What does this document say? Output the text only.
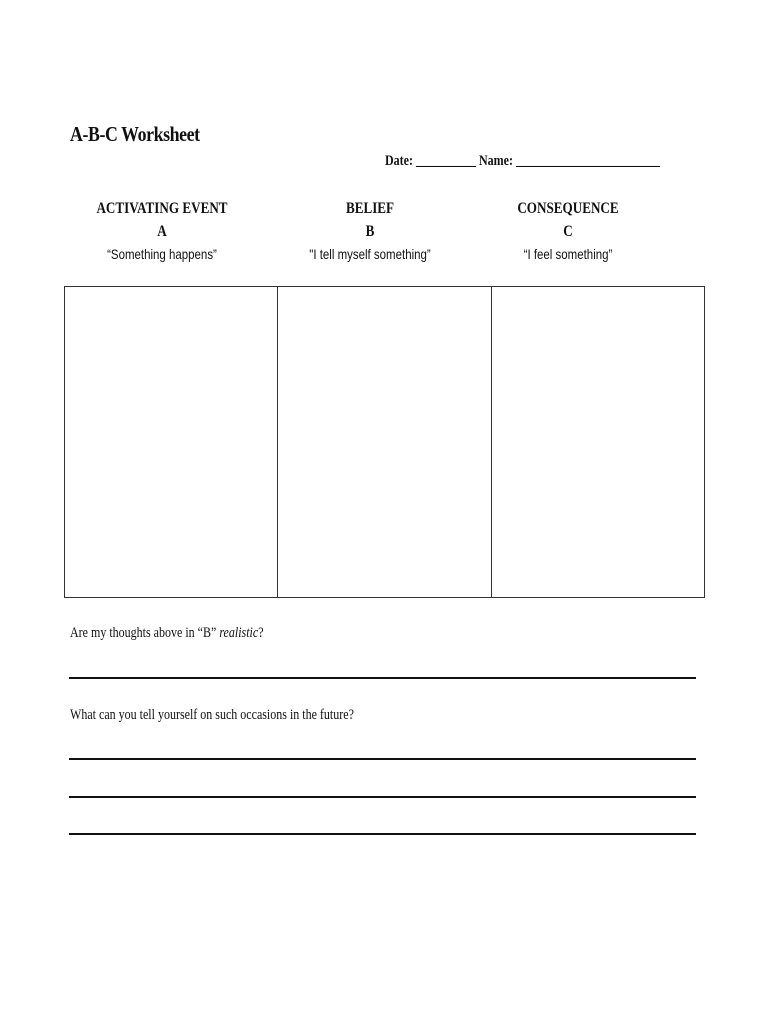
A-B-C Worksheet
Date: __________ Name: ________________________
ACTIVATING EVENT
A
“Something happens”
BELIEF
B
"I tell myself something”
CONSEQUENCE
C
“I feel something”
Are my thoughts above in “B” realistic?
What can you tell yourself on such occasions in the future?
